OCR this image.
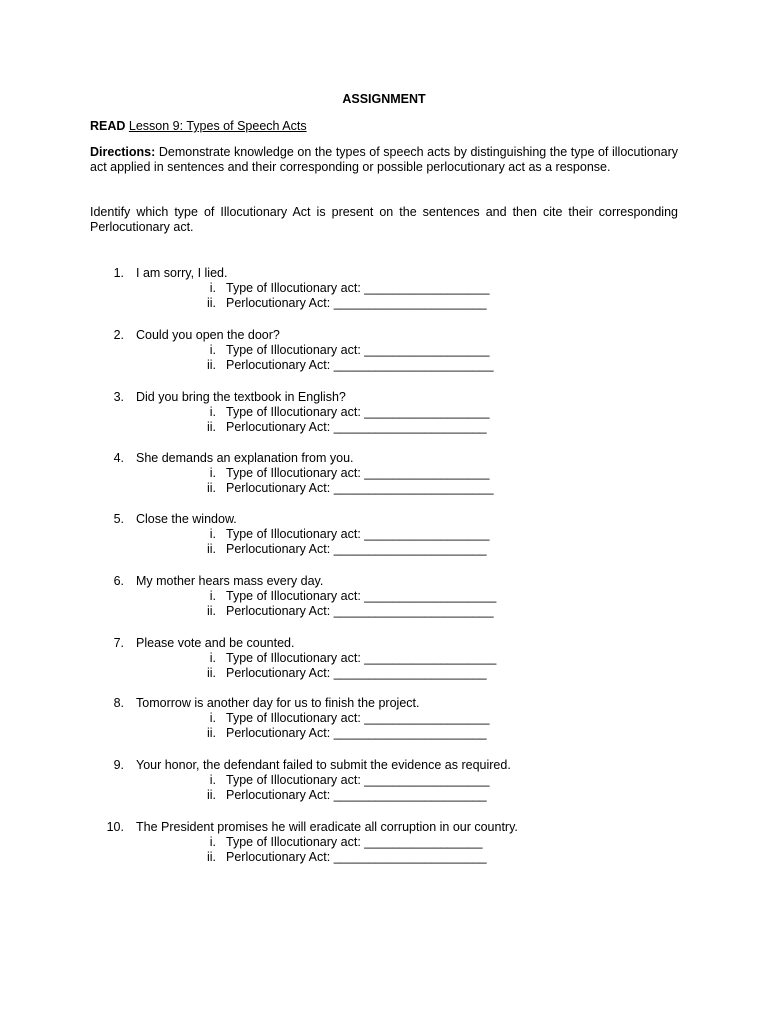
ASSIGNMENT
READ Lesson 9: Types of Speech Acts
Directions: Demonstrate knowledge on the types of speech acts by distinguishing the type of illocutionary act applied in sentences and their corresponding or possible perlocutionary act as a response.
Identify which type of Illocutionary Act is present on the sentences and then cite their corresponding Perlocutionary act.
1. I am sorry, I lied.
i. Type of Illocutionary act: __________________
ii. Perlocutionary Act: ______________________
2. Could you open the door?
i. Type of Illocutionary act: __________________
ii. Perlocutionary Act: _______________________
3. Did you bring the textbook in English?
i. Type of Illocutionary act: __________________
ii. Perlocutionary Act: ______________________
4. She demands an explanation from you.
i. Type of Illocutionary act: __________________
ii. Perlocutionary Act: _______________________
5. Close the window.
i. Type of Illocutionary act: __________________
ii. Perlocutionary Act: ______________________
6. My mother hears mass every day.
i. Type of Illocutionary act: ___________________
ii. Perlocutionary Act: _______________________
7. Please vote and be counted.
i. Type of Illocutionary act: ___________________
ii. Perlocutionary Act: ______________________
8. Tomorrow is another day for us to finish the project.
i. Type of Illocutionary act: __________________
ii. Perlocutionary Act: ______________________
9. Your honor, the defendant failed to submit the evidence as required.
i. Type of Illocutionary act: __________________
ii. Perlocutionary Act: ______________________
10. The President promises he will eradicate all corruption in our country.
i. Type of Illocutionary act: _________________
ii. Perlocutionary Act: ______________________
